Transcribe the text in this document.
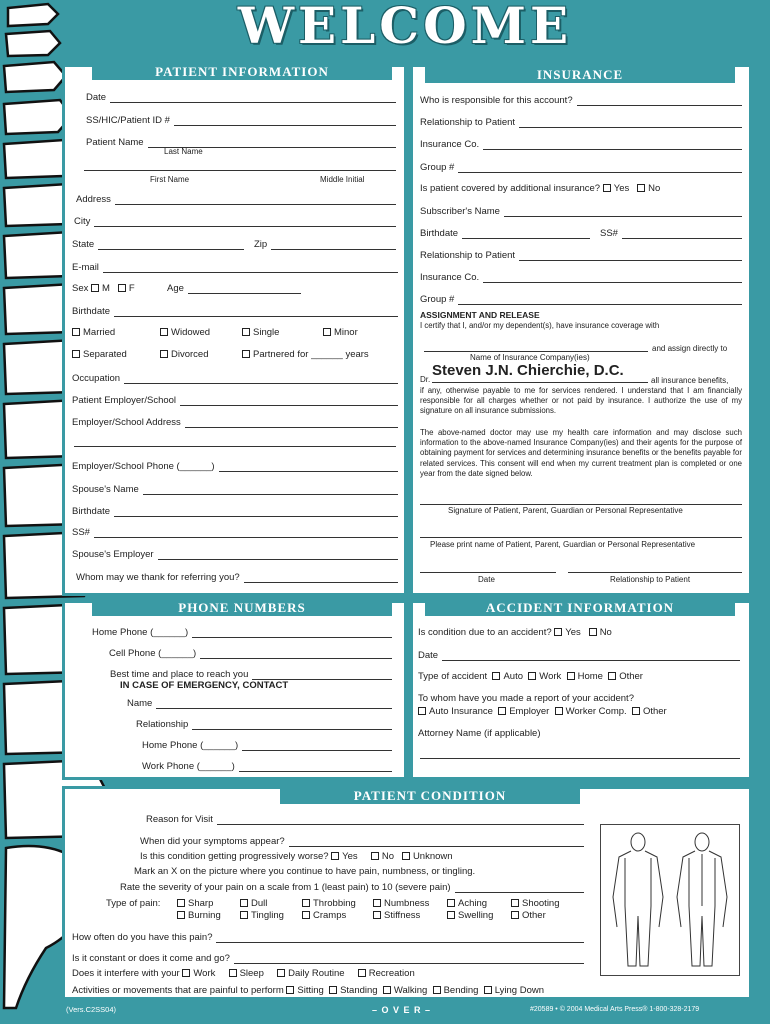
WELCOME
PATIENT INFORMATION
Date
SS/HIC/Patient ID #
Patient Name
Last Name
First Name	Middle Initial
Address
City
State	Zip
E-mail
Sex M F	Age
Birthdate
Married	Widowed	Single	Minor
Separated	Divorced	Partnered for ______ years
Occupation
Patient Employer/School
Employer/School Address
Employer/School Phone (______)
Spouse's Name
Birthdate
SS#
Spouse's Employer
Whom may we thank for referring you?
INSURANCE
Who is responsible for this account?
Relationship to Patient
Insurance Co.
Group #
Is patient covered by additional insurance? Yes No
Subscriber's Name
Birthdate	SS#
Relationship to Patient
Insurance Co.
Group #
ASSIGNMENT AND RELEASE
I certify that I, and/or my dependent(s), have insurance coverage with
and assign directly to
Name of Insurance Company(ies)
Dr.
Steven J.N. Chierchie, D.C.
all insurance benefits,
if any, otherwise payable to me for services rendered. I understand that I am financially responsible for all charges whether or not paid by insurance. I authorize the use of my signature on all insurance submissions.
The above-named doctor may use my health care information and may disclose such information to the above-named Insurance Company(ies) and their agents for the purpose of obtaining payment for services and determining insurance benefits or the benefits payable for related services. This consent will end when my current treatment plan is completed or one year from the date signed below.
Signature of Patient, Parent, Guardian or Personal Representative
Please print name of Patient, Parent, Guardian or Personal Representative
Date	Relationship to Patient
PHONE NUMBERS
Home Phone (______)
Cell Phone (______)
Best time and place to reach you
IN CASE OF EMERGENCY, CONTACT
Name
Relationship
Home Phone (______)
Work Phone (______)
ACCIDENT INFORMATION
Is condition due to an accident? Yes No
Date
Type of accident Auto Work Home Other
To whom have you made a report of your accident?
Auto Insurance Employer Worker Comp. Other
Attorney Name (if applicable)
PATIENT CONDITION
Reason for Visit
When did your symptoms appear?
Is this condition getting progressively worse? Yes	No Unknown
Mark an X on the picture where you continue to have pain, numbness, or tingling.
Rate the severity of your pain on a scale from 1 (least pain) to 10 (severe pain)
Type of pain:	Sharp	Dull	Throbbing	Numbness	Aching	Shooting
Burning	Tingling	Cramps	Stiffness	Swelling	Other
How often do you have this pain?
Is it constant or does it come and go?
Does it interfere with your Work	Sleep	Daily Routine	Recreation
Activities or movements that are painful to perform Sitting Standing Walking Bending Lying Down
(Vers.C2SS04)	– O V E R –	#20589 • © 2004 Medical Arts Press® 1-800-328-2179
